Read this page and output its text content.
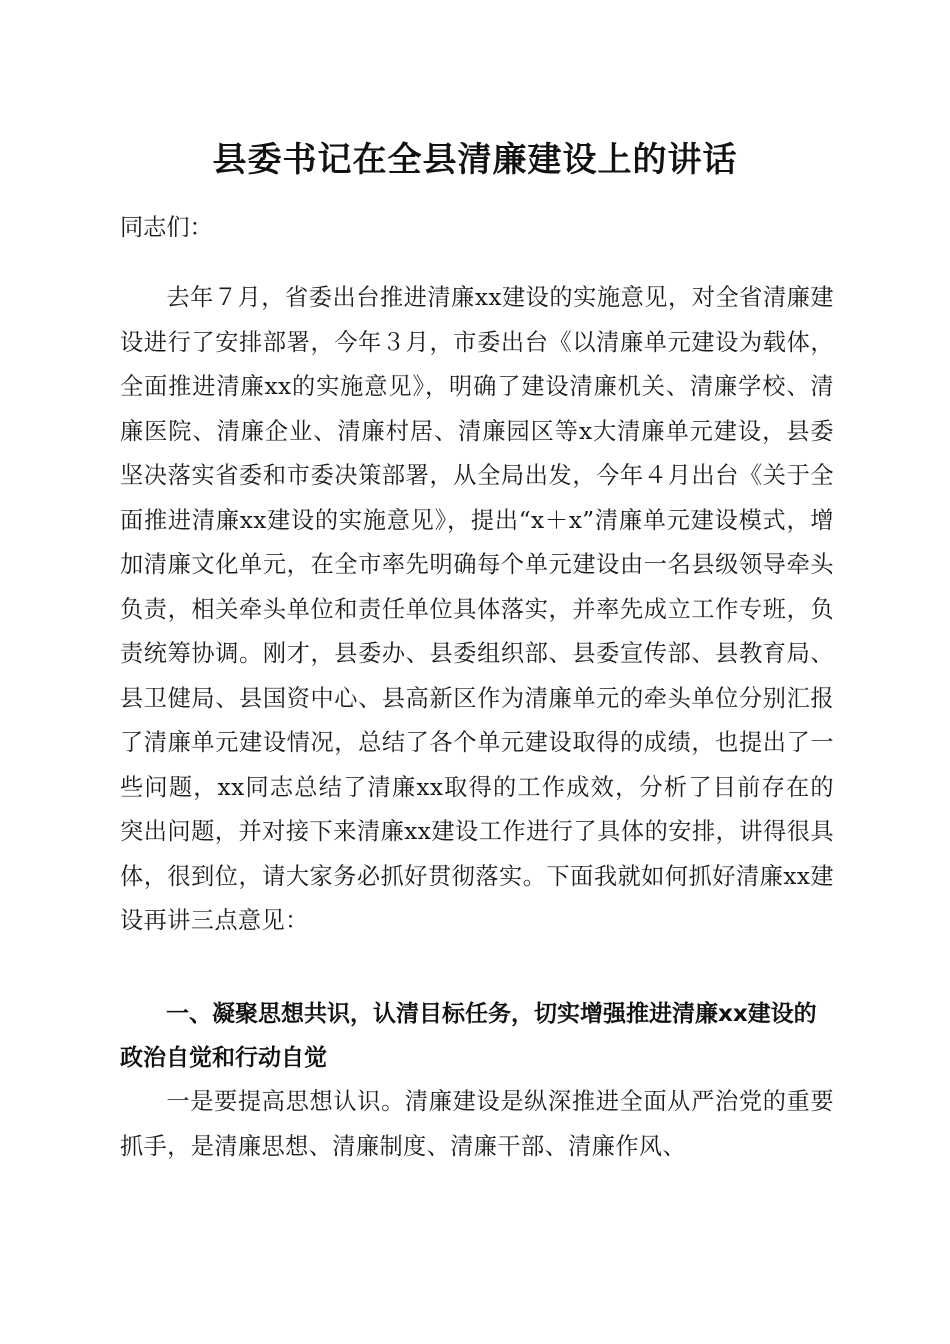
县委书记在全县清廉建设上的讲话
同志们：
去年７月，省委出台推进清廉xx建设的实施意见，对全省清廉建设进行了安排部署，今年３月，市委出台《以清廉单元建设为载体，全面推进清廉xx的实施意见》，明确了建设清廉机关、清廉学校、清廉医院、清廉企业、清廉村居、清廉园区等x大清廉单元建设，县委坚决落实省委和市委决策部署，从全局出发，今年４月出台《关于全面推进清廉xx建设的实施意见》，提出“x＋x”清廉单元建设模式，增加清廉文化单元，在全市率先明确每个单元建设由一名县级领导牵头负责，相关牵头单位和责任单位具体落实，并率先成立工作专班，负责统筹协调。刚才，县委办、县委组织部、县委宣传部、县教育局、县卫健局、县国资中心、县高新区作为清廉单元的牵头单位分别汇报了清廉单元建设情况，总结了各个单元建设取得的成绩，也提出了一些问题，xx同志总结了清廉xx取得的工作成效，分析了目前存在的突出问题，并对接下来清廉xx建设工作进行了具体的安排，讲得很具体，很到位，请大家务必抓好贯彻落实。下面我就如何抓好清廉xx建设再讲三点意见：
一、凝聚思想共识，认清目标任务，切实增强推进清廉xx建设的政治自觉和行动自觉
一是要提高思想认识。清廉建设是纵深推进全面从严治党的重要抓手，是清廉思想、清廉制度、清廉干部、清廉作风、
